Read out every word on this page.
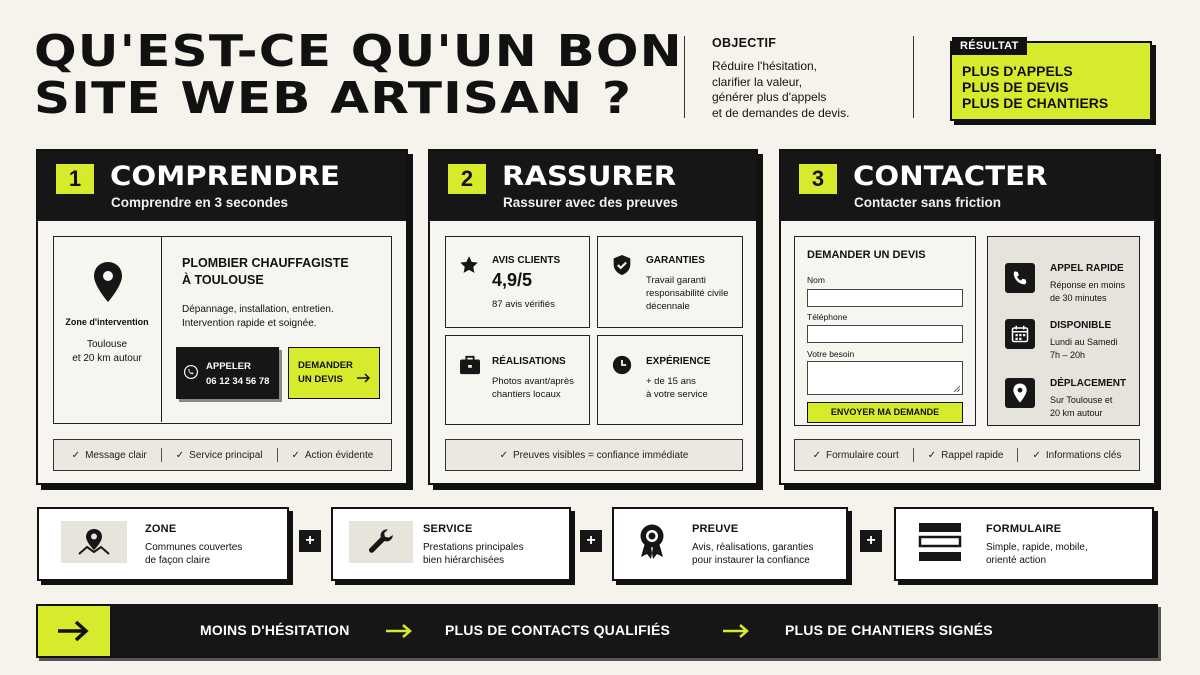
QU'EST-CE QU'UN BON
SITE WEB ARTISAN ?
OBJECTIF
Réduire l'hésitation,
clarifier la valeur,
générer plus d'appels
et de demandes de devis.
PLUS D'APPELS
PLUS DE DEVIS
PLUS DE CHANTIERS
RÉSULTAT
1	COMPRENDRE
Comprendre en 3 secondes
Zone d'intervention
Toulouse
et 20 km autour
PLOMBIER CHAUFFAGISTE
À TOULOUSE
Dépannage, installation, entretien.
Intervention rapide et soignée.
APPELER
06 12 34 56 78
DEMANDER
UN DEVIS
✓ Message clair	✓ Service principal	✓ Action évidente
2	RASSURER
Rassurer avec des preuves
AVIS CLIENTS
4,9/5
87 avis vérifiés
GARANTIES
Travail garanti
responsabilité civile
décennale
RÉALISATIONS
Photos avant/après
chantiers locaux
EXPÉRIENCE
+ de 15 ans
à votre service
✓ Preuves visibles = confiance immédiate
3	CONTACTER
Contacter sans friction
DEMANDER UN DEVIS
Nom
Téléphone
Votre besoin
ENVOYER MA DEMANDE
APPEL RAPIDE
Réponse en moins
de 30 minutes
DISPONIBLE
Lundi au Samedi
7h – 20h
DÉPLACEMENT
Sur Toulouse et
20 km autour
✓ Formulaire court	✓ Rappel rapide	✓ Informations clés
ZONE
Communes couvertes
de façon claire
+
SERVICE
Prestations principales
bien hiérarchisées
+
PREUVE
Avis, réalisations, garanties
pour instaurer la confiance
+
FORMULAIRE
Simple, rapide, mobile,
orienté action
MOINS D'HÉSITATION	PLUS DE CONTACTS QUALIFIÉS	PLUS DE CHANTIERS SIGNÉS
